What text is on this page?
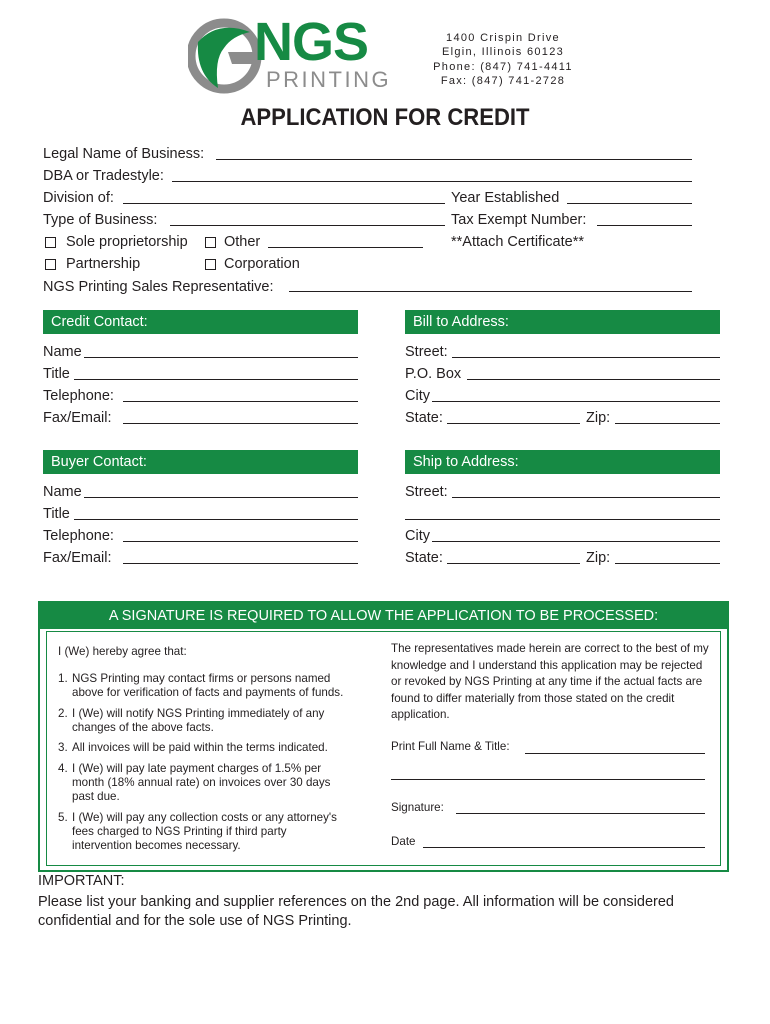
NGS
PRINTING
1400 Crispin Drive
Elgin, Illinois 60123
Phone: (847) 741-4411
Fax: (847) 741-2728
APPLICATION FOR CREDIT
Legal Name of Business:
DBA or Tradestyle:
Division of:	Year Established
Type of Business:	Tax Exempt Number:
Sole proprietorship	Other	**Attach Certificate**
Partnership	Corporation
NGS Printing Sales Representative:
Credit Contact:
Name
Title
Telephone:
Fax/Email:
Bill to Address:
Street:
P.O. Box
City
State:	Zip:
Buyer Contact:
Name
Title
Telephone:
Fax/Email:
Ship to Address:
Street:
City
State:	Zip:
A SIGNATURE IS REQUIRED TO ALLOW THE APPLICATION TO BE PROCESSED:
I (We) hereby agree that:
1. NGS Printing may contact firms or persons named
above for verification of facts and payments of funds.
2. I (We) will notify NGS Printing immediately of any
changes of the above facts.
3. All invoices will be paid within the terms indicated.
4. I (We) will pay late payment charges of 1.5% per
month (18% annual rate) on invoices over 30 days
past due.
5. I (We) will pay any collection costs or any attorney's
fees charged to NGS Printing if third party
intervention becomes necessary.
The representatives made herein are correct to the best of my knowledge and I understand this application may be rejected or revoked by NGS Printing at any time if the actual facts are found to differ materially from those stated on the credit application.
Print Full Name & Title:
Signature:
Date
IMPORTANT:
Please list your banking and supplier references on the 2nd page. All information will be considered confidential and for the sole use of NGS Printing.
